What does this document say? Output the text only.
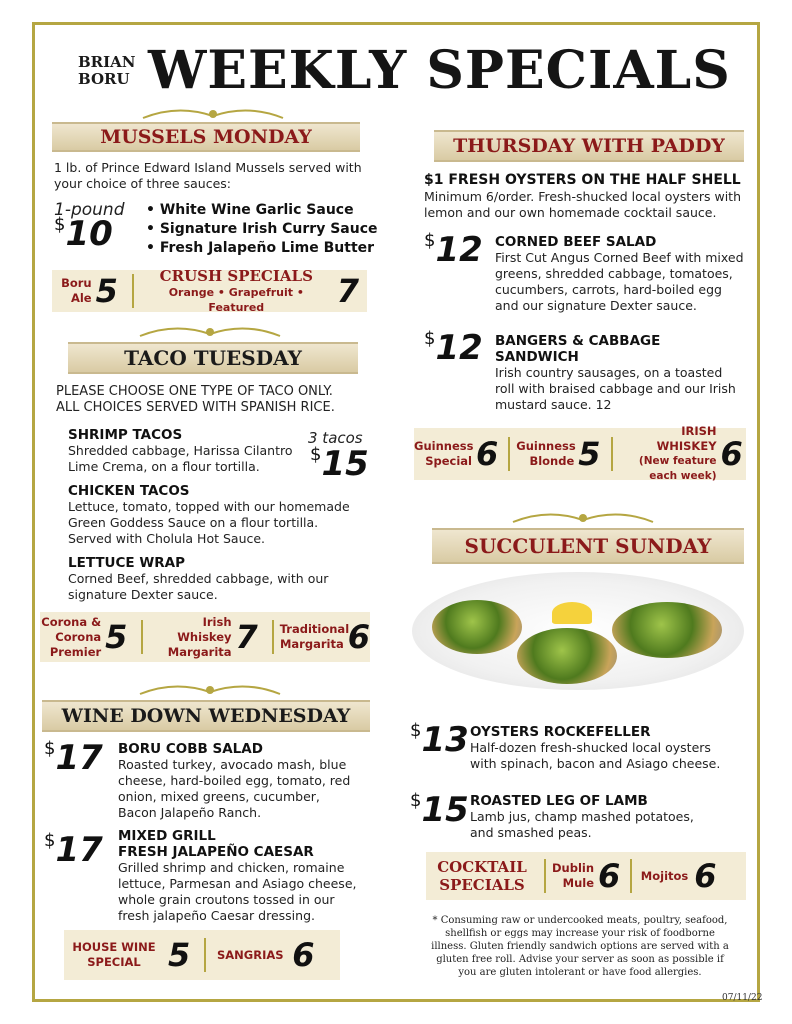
BRIAN
BORU WEEKLY SPECIALS
MUSSELS MONDAY
1 lb. of Prince Edward Island Mussels served with your choice of three sauces:
1-pound
$10
• White Wine Garlic Sauce
• Signature Irish Curry Sauce
• Fresh Jalapeño Lime Butter
Boru Ale 5	CRUSH SPECIALS
Orange • Grapefruit • Featured	7
TACO TUESDAY
PLEASE CHOOSE ONE TYPE OF TACO ONLY.
ALL CHOICES SERVED WITH SPANISH RICE.
3 tacos
$15
SHRIMP TACOS
Shredded cabbage, Harissa Cilantro Lime Crema, on a flour tortilla.
CHICKEN TACOS
Lettuce, tomato, topped with our homemade Green Goddess Sauce on a flour tortilla. Served with Cholula Hot Sauce.
LETTUCE WRAP
Corned Beef, shredded cabbage, with our signature Dexter sauce.
Corona & Corona Premier 5	Irish Whiskey Margarita 7 Traditional Margarita 6
WINE DOWN WEDNESDAY
$17 BORU COBB SALAD
Roasted turkey, avocado mash, blue cheese, hard-boiled egg, tomato, red onion, mixed greens, cucumber, Bacon Jalapeño Ranch.
$17 MIXED GRILL
FRESH JALAPEÑO CAESAR
Grilled shrimp and chicken, romaine lettuce, Parmesan and Asiago cheese, whole grain croutons tossed in our fresh jalapeño Caesar dressing.
HOUSE WINE SPECIAL 5	SANGRIAS 6
THURSDAY WITH PADDY
$1 FRESH OYSTERS ON THE HALF SHELL
Minimum 6/order. Fresh-shucked local oysters with lemon and our own homemade cocktail sauce.
$12 CORNED BEEF SALAD
First Cut Angus Corned Beef with mixed greens, shredded cabbage, tomatoes, cucumbers, carrots, hard-boiled egg and our signature Dexter sauce.
$12 BANGERS & CABBAGE SANDWICH
Irish country sausages, on a toasted roll with braised cabbage and our Irish mustard sauce. 12
Guinness Special 6 Guinness Blonde 5
IRISH WHISKEY
(New feature each week)
6
SUCCULENT SUNDAY
$13 OYSTERS ROCKEFELLER
Half-dozen fresh-shucked local oysters with spinach, bacon and Asiago cheese.
$15 ROASTED LEG OF LAMB
Lamb jus, champ mashed potatoes, and smashed peas.
COCKTAIL SPECIALS
Dublin Mule 6 Mojitos 6
* Consuming raw or undercooked meats, poultry, seafood, shellfish or eggs may increase your risk of foodborne illness. Gluten friendly sandwich options are served with a gluten free roll. Advise your server as soon as possible if you are gluten intolerant or have food allergies.
07/11/22
